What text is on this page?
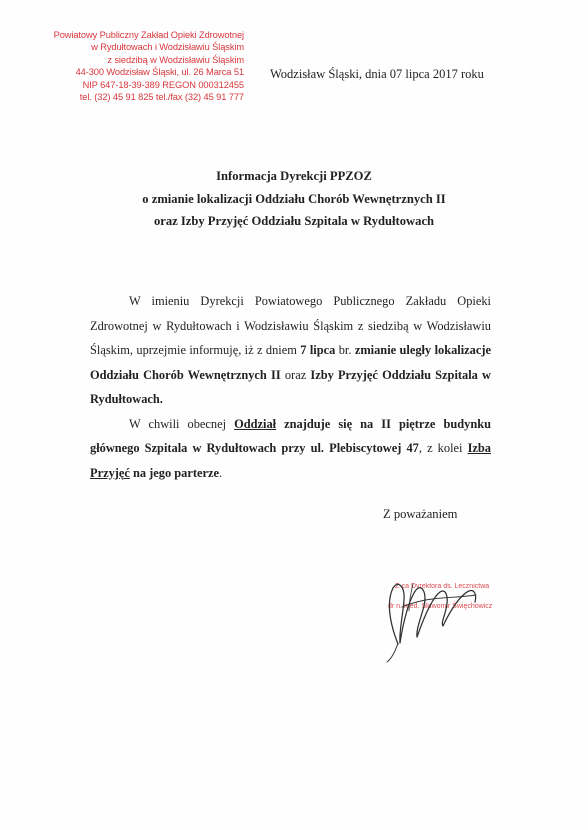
Powiatowy Publiczny Zakład Opieki Zdrowotnej
w Rydułtowach i Wodzisławiu Śląskim
z siedzibą w Wodzisławiu Śląskim
44-300 Wodzisław Śląski, ul. 26 Marca 51
NIP 647-18-39-389 REGON 000312455
tel. (32) 45 91 825 tel./fax (32) 45 91 777
Wodzisław Śląski, dnia 07 lipca 2017 roku
Informacja Dyrekcji PPZOZ
o zmianie lokalizacji Oddziału Chorób Wewnętrznych II
oraz Izby Przyjęć Oddziału Szpitala w Rydułtowach

W imieniu Dyrekcji Powiatowego Publicznego Zakładu Opieki Zdrowotnej w Rydułtowach i Wodzisławiu Śląskim z siedzibą w Wodzisławiu Śląskim, uprzejmie informuję, iż z dniem 7 lipca br. zmianie uległy lokalizacje Oddziału Chorób Wewnętrznych II oraz Izby Przyjęć Oddziału Szpitala w Rydułtowach.

W chwili obecnej Oddział znajduje się na II piętrze budynku głównego Szpitala w Rydułtowach przy ul. Plebiscytowej 47, z kolei Izba Przyjęć na jego parterze.

Z poważaniem
Z-ca Dyrektora ds. Lecznictwa
dr n. med. Sławomir Święchowicz
